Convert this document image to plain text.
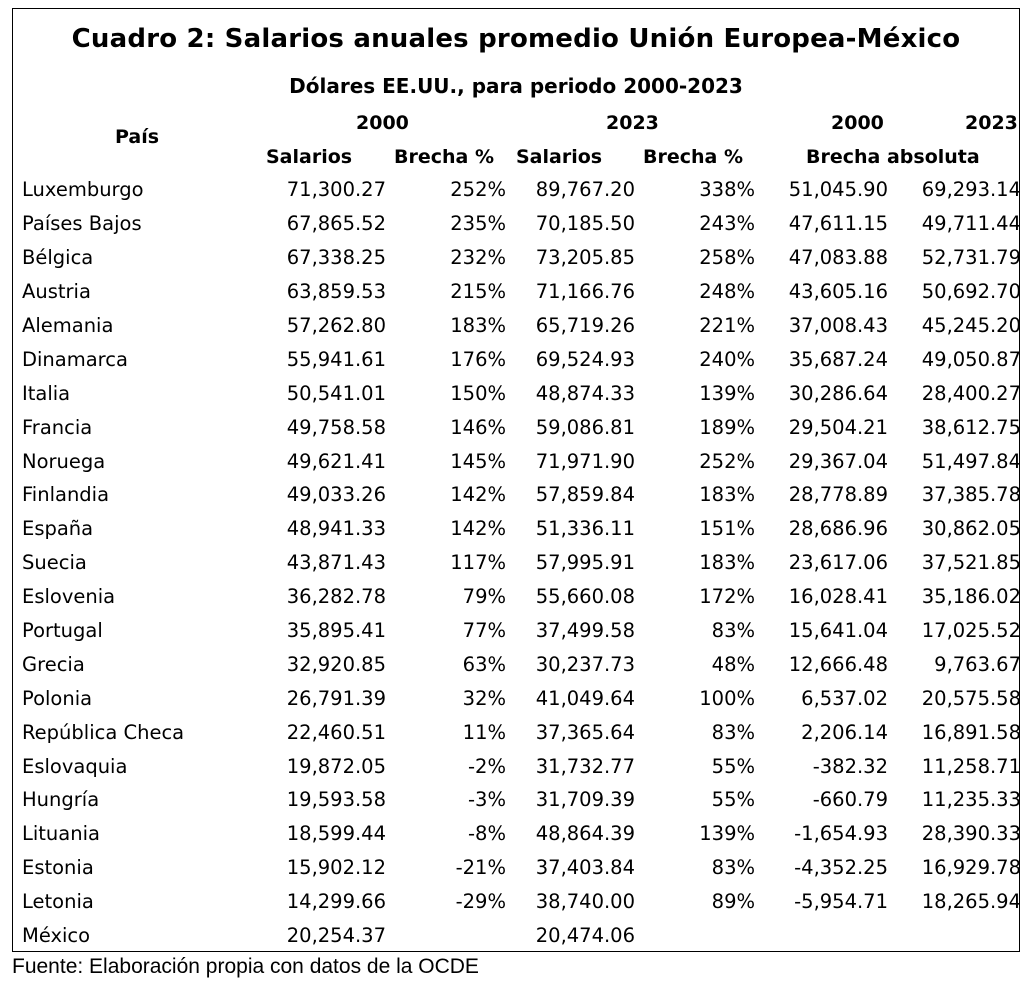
Cuadro 2: Salarios anuales promedio Unión Europea-México
Dólares EE.UU., para periodo 2000-2023
País
2000	2023	2000	2023
Salarios Brecha % Salarios Brecha %	Brecha absoluta
Luxemburgo	71,300.27	252%	89,767.20	338%	51,045.90	69,293.14
Países Bajos	67,865.52	235%	70,185.50	243%	47,611.15	49,711.44
Bélgica	67,338.25	232%	73,205.85	258%	47,083.88	52,731.79
Austria	63,859.53	215%	71,166.76	248%	43,605.16	50,692.70
Alemania	57,262.80	183%	65,719.26	221%	37,008.43	45,245.20
Dinamarca	55,941.61	176%	69,524.93	240%	35,687.24	49,050.87
Italia	50,541.01	150%	48,874.33	139%	30,286.64	28,400.27
Francia	49,758.58	146%	59,086.81	189%	29,504.21	38,612.75
Noruega	49,621.41	145%	71,971.90	252%	29,367.04	51,497.84
Finlandia	49,033.26	142%	57,859.84	183%	28,778.89	37,385.78
España	48,941.33	142%	51,336.11	151%	28,686.96	30,862.05
Suecia	43,871.43	117%	57,995.91	183%	23,617.06	37,521.85
Eslovenia	36,282.78	79%	55,660.08	172%	16,028.41	35,186.02
Portugal	35,895.41	77%	37,499.58	83%	15,641.04	17,025.52
Grecia	32,920.85	63%	30,237.73	48%	12,666.48	9,763.67
Polonia	26,791.39	32%	41,049.64	100%	6,537.02	20,575.58
República Checa	22,460.51	11%	37,365.64	83%	2,206.14	16,891.58
Eslovaquia	19,872.05	-2%	31,732.77	55%	-382.32	11,258.71
Hungría	19,593.58	-3%	31,709.39	55%	-660.79	11,235.33
Lituania	18,599.44	-8%	48,864.39	139%	-1,654.93	28,390.33
Estonia	15,902.12	-21%	37,403.84	83%	-4,352.25	16,929.78
Letonia	14,299.66	-29%	38,740.00	89%	-5,954.71	18,265.94
México	20,254.37		20,474.06			
Fuente: Elaboración propia con datos de la OCDE
